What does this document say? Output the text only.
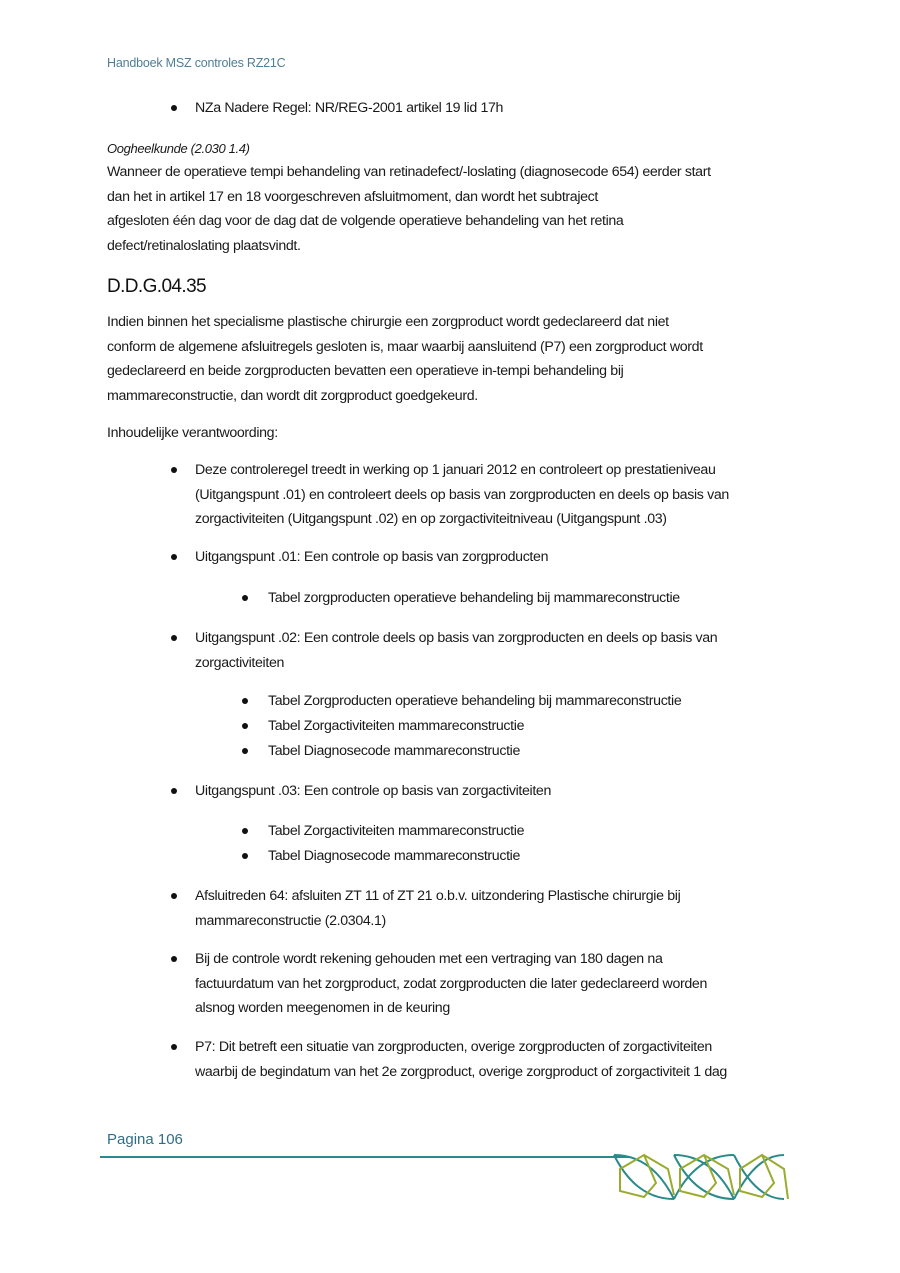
Handboek MSZ controles RZ21C
NZa Nadere Regel: NR/REG-2001 artikel 19 lid 17h
Oogheelkunde (2.030 1.4)
Wanneer de operatieve tempi behandeling van retinadefect/-loslating (diagnosecode 654) eerder start
dan het in artikel 17 en 18 voorgeschreven afsluitmoment, dan wordt het subtraject
afgesloten één dag voor de dag dat de volgende operatieve behandeling van het retina
defect/retinaloslating plaatsvindt.
D.D.G.04.35
Indien binnen het specialisme plastische chirurgie een zorgproduct wordt gedeclareerd dat niet
conform de algemene afsluitregels gesloten is, maar waarbij aansluitend (P7) een zorgproduct wordt
gedeclareerd en beide zorgproducten bevatten een operatieve in-tempi behandeling bij
mammareconstructie, dan wordt dit zorgproduct goedgekeurd.
Inhoudelijke verantwoording:
Deze controleregel treedt in werking op 1 januari 2012 en controleert op prestatieniveau
(Uitgangspunt .01) en controleert deels op basis van zorgproducten en deels op basis van
zorgactiviteiten (Uitgangspunt .02) en op zorgactiviteitniveau (Uitgangspunt .03)
Uitgangspunt .01: Een controle op basis van zorgproducten
Tabel zorgproducten operatieve behandeling bij mammareconstructie
Uitgangspunt .02: Een controle deels op basis van zorgproducten en deels op basis van
zorgactiviteiten
Tabel Zorgproducten operatieve behandeling bij mammareconstructie
Tabel Zorgactiviteiten mammareconstructie
Tabel Diagnosecode mammareconstructie
Uitgangspunt .03: Een controle op basis van zorgactiviteiten
Tabel Zorgactiviteiten mammareconstructie
Tabel Diagnosecode mammareconstructie
Afsluitreden 64: afsluiten ZT 11 of ZT 21 o.b.v. uitzondering Plastische chirurgie bij
mammareconstructie (2.0304.1)
Bij de controle wordt rekening gehouden met een vertraging van 180 dagen na
factuurdatum van het zorgproduct, zodat zorgproducten die later gedeclareerd worden
alsnog worden meegenomen in de keuring
P7: Dit betreft een situatie van zorgproducten, overige zorgproducten of zorgactiviteiten
waarbij de begindatum van het 2e zorgproduct, overige zorgproduct of zorgactiviteit 1 dag
Pagina 106
